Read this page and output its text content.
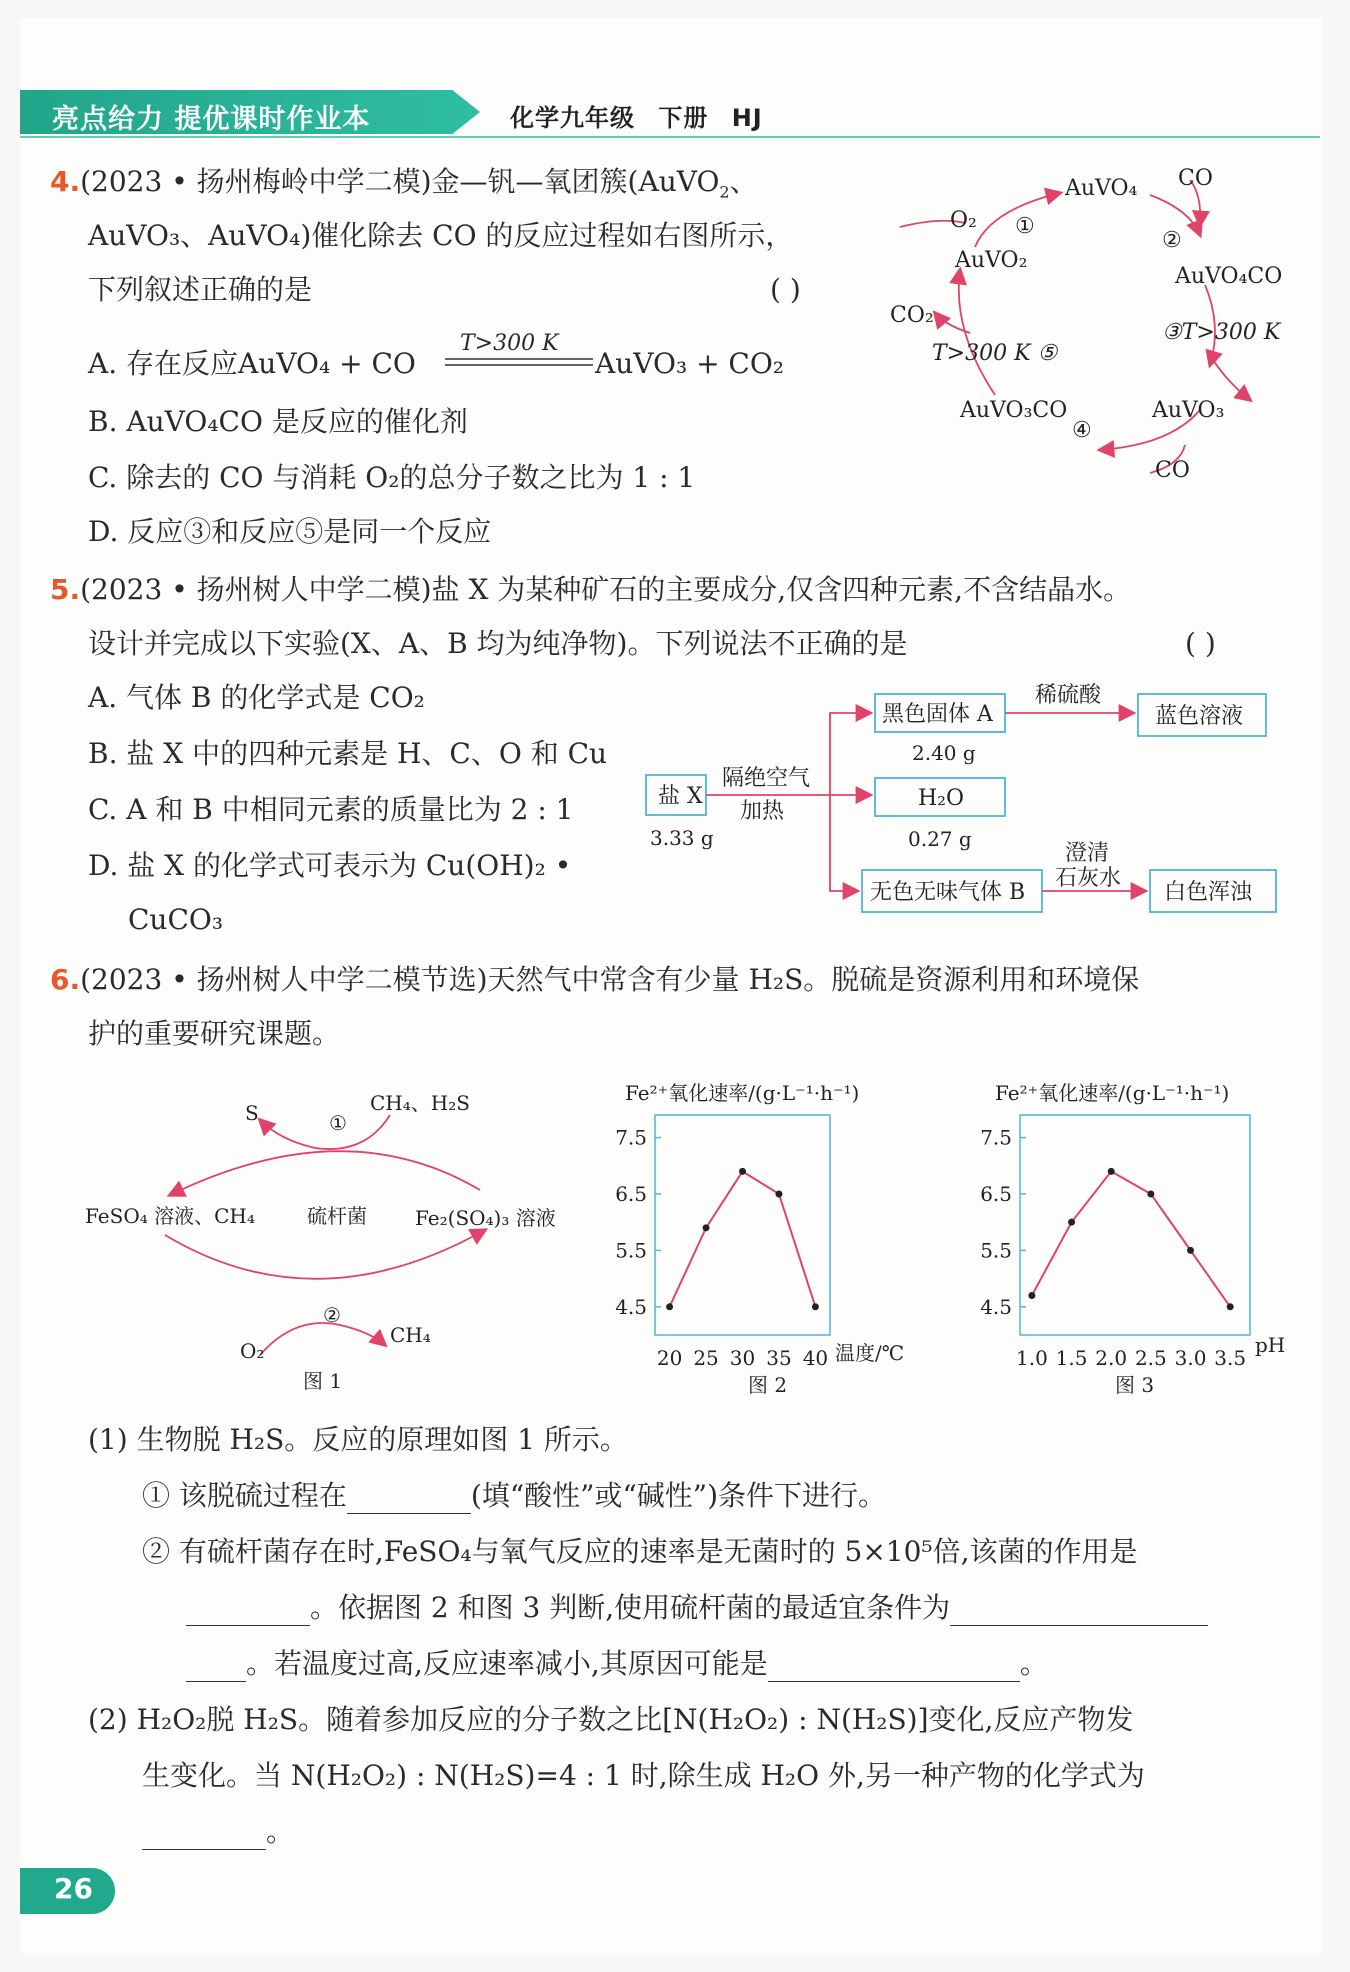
亮点给力 提优课时作业本	化学九年级 下册 HJ
4.(2023 • 扬州梅岭中学二模)金—钒—氧团簇(AuVO$_2$、
AuVO₃、AuVO₄)催化除去 CO 的反应过程如右图所示，
下列叙述正确的是	( )
A. 存在反应AuVO₄ + CO
T>300 K
AuVO₃ + CO₂
B. AuVO₄CO 是反应的催化剂
C. 除去的 CO 与消耗 O₂的总分子数之比为 1 : 1
D. 反应③和反应⑤是同一个反应
AuVO₄ CO
O₂ ①
AuVO₂
②
AuVO₄CO
CO₂
③T>300 K
T>300 K ⑤
AuVO₃CO	AuVO₃
④
CO
5.(2023 • 扬州树人中学二模)盐 X 为某种矿石的主要成分,仅含四种元素,不含结晶水。
设计并完成以下实验(X、A、B 均为纯净物)。下列说法不正确的是	( )
A. 气体 B 的化学式是 CO₂
B. 盐 X 中的四种元素是 H、C、O 和 Cu
C. A 和 B 中相同元素的质量比为 2 : 1
D. 盐 X 的化学式可表示为 Cu(OH)₂ •
CuCO₃
盐 X
3.33 g
隔绝空气
加热
黑色固体 A
2.40 g
稀硫酸
蓝色溶液
H₂O
0.27 g
无色无味气体 B
澄清
石灰水
白色浑浊
6.(2023 • 扬州树人中学二模节选)天然气中常含有少量 H₂S。脱硫是资源利用和环境保
护的重要研究课题。
CH₄、H₂S
S	①
FeSO₄ 溶液、CH₄	硫杆菌 Fe₂(SO₄)₃ 溶液
②
O₂
CH₄
图 1
Fe²⁺氧化速率/(g·L⁻¹·h⁻¹)
4.5
5.5
6.5
7.5
20 25 30 35 40 温度/℃
图 2
Fe²⁺氧化速率/(g·L⁻¹·h⁻¹)
4.5
5.5
6.5
7.5
1.0 1.5 2.0 2.5 3.0 3.5
pH
图 3
(1) 生物脱 H₂S。反应的原理如图 1 所示。
① 该脱硫过程在	(填“酸性”或“碱性”)条件下进行。
② 有硫杆菌存在时,FeSO₄与氧气反应的速率是无菌时的 5×10⁵倍,该菌的作用是
。依据图 2 和图 3 判断,使用硫杆菌的最适宜条件为
。若温度过高,反应速率减小,其原因可能是	。
(2) H₂O₂脱 H₂S。随着参加反应的分子数之比[N(H₂O₂) : N(H₂S)]变化,反应产物发
生变化。当 N(H₂O₂) : N(H₂S)=4 : 1 时,除生成 H₂O 外,另一种产物的化学式为
。
26
